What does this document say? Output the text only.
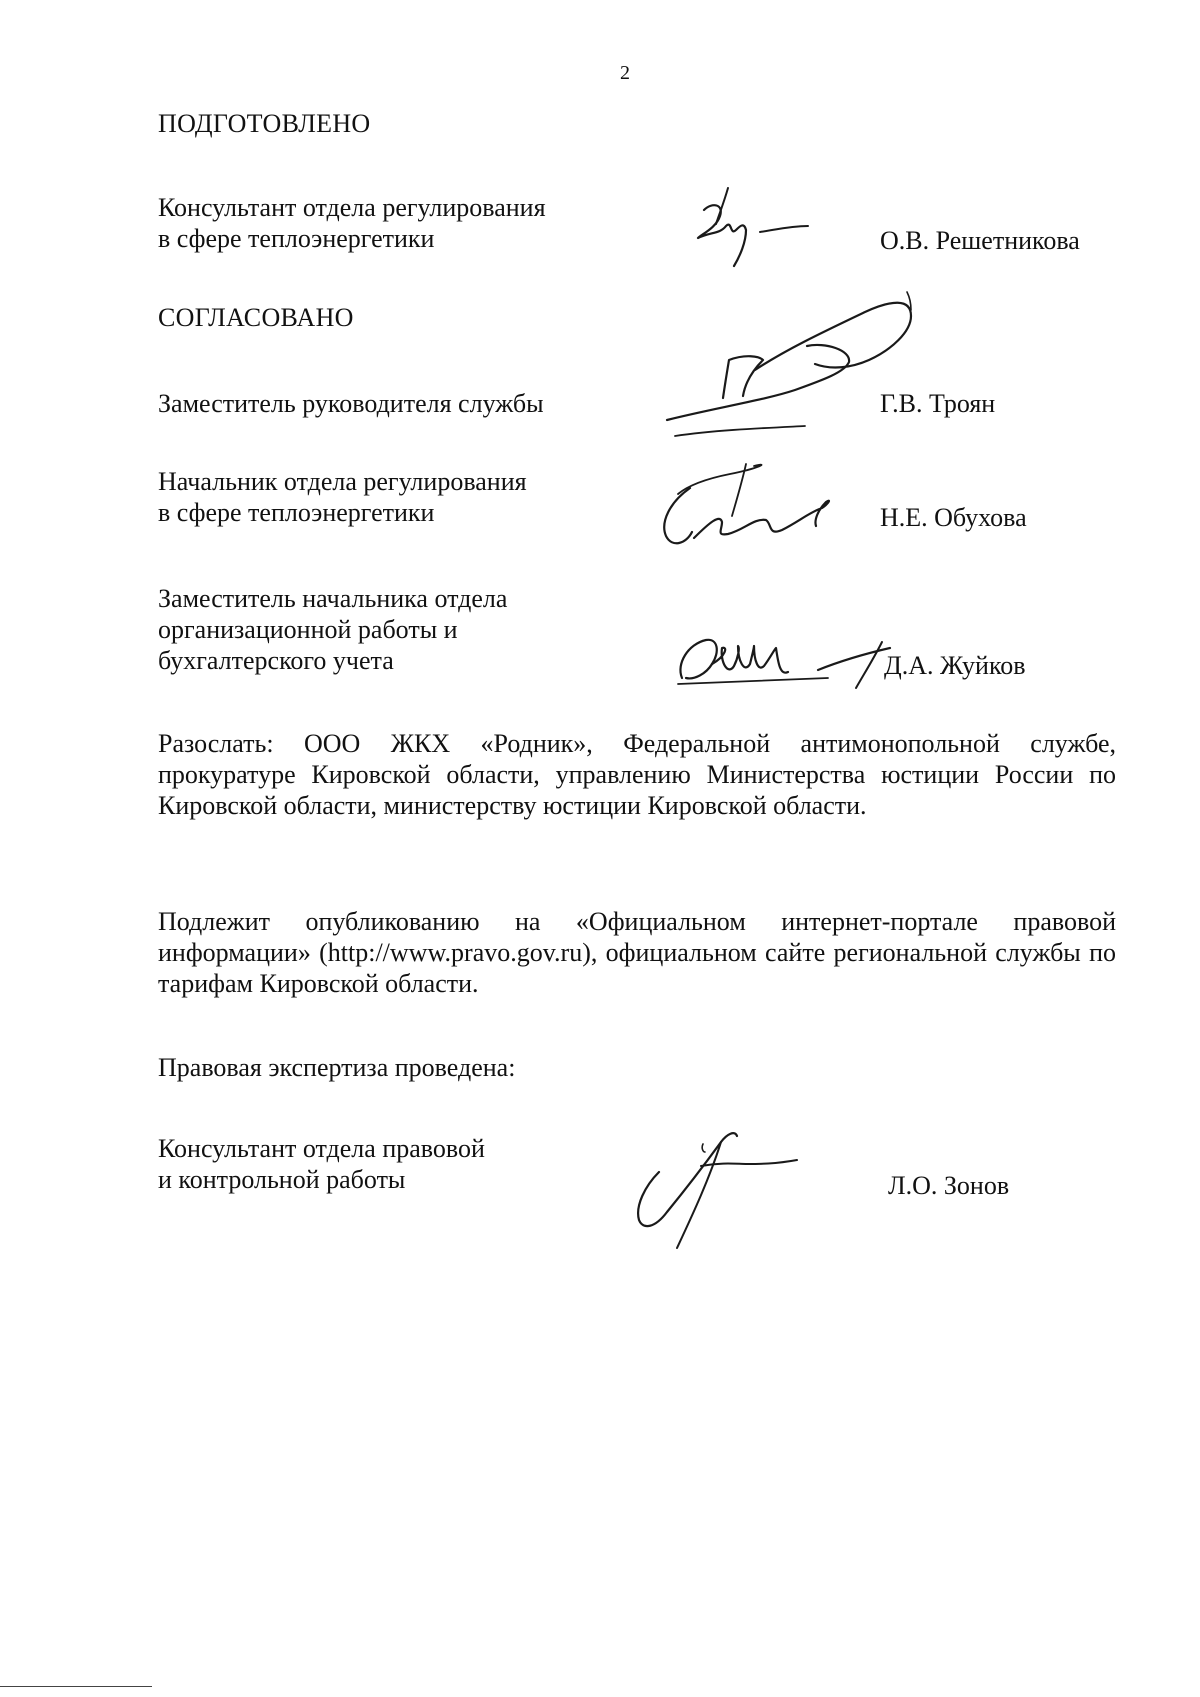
2
ПОДГОТОВЛЕНО
Консультант отдела регулирования
в сфере теплоэнергетики	О.В. Решетникова
СОГЛАСОВАНО
Заместитель руководителя службы	Г.В. Троян
Начальник отдела регулирования
в сфере теплоэнергетики	Н.Е. Обухова
Заместитель начальника отдела
организационной работы и
бухгалтерского учета	Д.А. Жуйков
Разослать: ООО ЖКХ «Родник», Федеральной антимонопольной службе, прокуратуре Кировской области, управлению Министерства юстиции России по Кировской области, министерству юстиции Кировской области.
Подлежит опубликованию на «Официальном интернет-портале правовой информации» (http://www.pravo.gov.ru), официальном сайте региональной службы по тарифам Кировской области.
Правовая экспертиза проведена:
Консультант отдела правовой
и контрольной работы	Л.О. Зонов
